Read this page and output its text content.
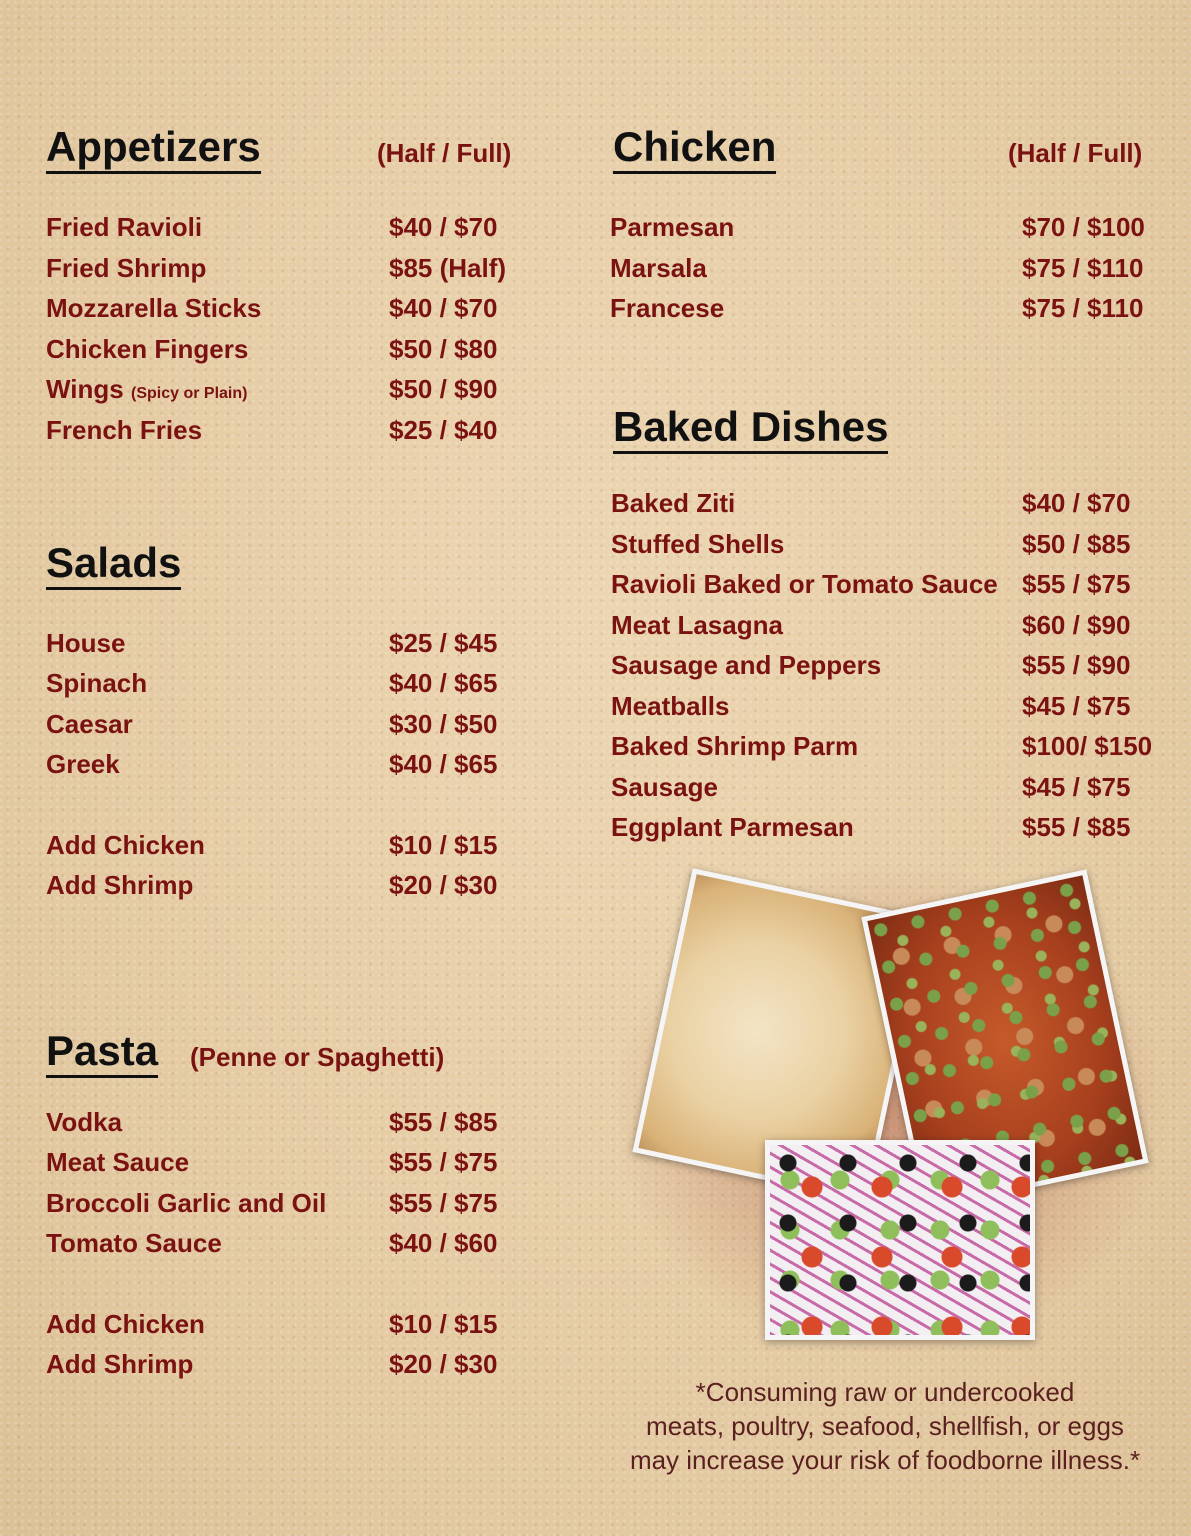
Appetizers	(Half / Full)
Fried Ravioli	$40 / $70
Fried Shrimp	$85 (Half)
Mozzarella Sticks	$40 / $70
Chicken Fingers	$50 / $80
Wings (Spicy or Plain)	$50 / $90
French Fries	$25 / $40
Salads
House	$25 / $45
Spinach	$40 / $65
Caesar	$30 / $50
Greek	$40 / $65
Add Chicken	$10 / $15
Add Shrimp	$20 / $30
Pasta (Penne or Spaghetti)
Vodka	$55 / $85
Meat Sauce	$55 / $75
Broccoli Garlic and Oil $55 / $75
Tomato Sauce	$40 / $60
Add Chicken	$10 / $15
Add Shrimp	$20 / $30
Chicken	(Half / Full)
Parmesan	$70 / $100
Marsala	$75 / $110
Francese	$75 / $110
Baked Dishes
Baked Ziti	$40 / $70
Stuffed Shells	$50 / $85
Ravioli Baked or Tomato Sauce $55 / $75
Meat Lasagna	$60 / $90
Sausage and Peppers	$55 / $90
Meatballs	$45 / $75
Baked Shrimp Parm	$100/ $150
Sausage	$45 / $75
Eggplant Parmesan	$55 / $85
*Consuming raw or undercooked
meats, poultry, seafood, shellfish, or eggs
may increase your risk of foodborne illness.*
